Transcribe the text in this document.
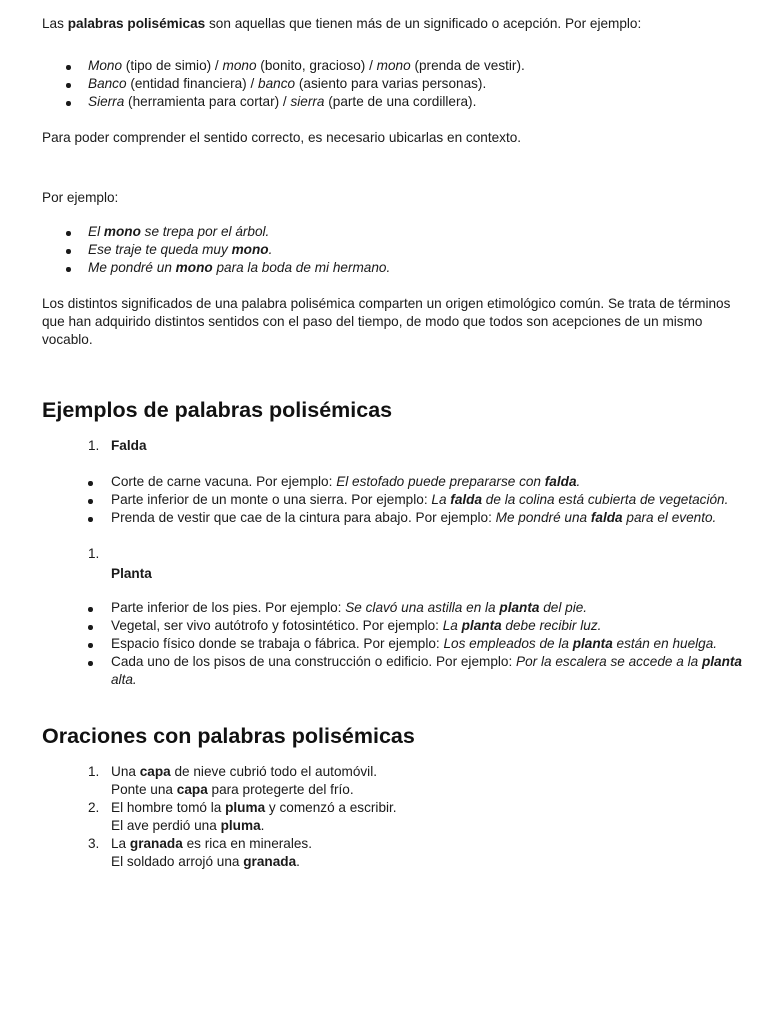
Las palabras polisémicas son aquellas que tienen más de un significado o acepción. Por ejemplo:

Mono (tipo de simio) / mono (bonito, gracioso) / mono (prenda de vestir).
Banco (entidad financiera) / banco (asiento para varias personas).
Sierra (herramienta para cortar) / sierra (parte de una cordillera).

Para poder comprender el sentido correcto, es necesario ubicarlas en contexto.

Por ejemplo:

El mono se trepa por el árbol.
Ese traje te queda muy mono.
Me pondré un mono para la boda de mi hermano.

Los distintos significados de una palabra polisémica comparten un origen etimológico común. Se trata de términos que han adquirido distintos sentidos con el paso del tiempo, de modo que todos son acepciones de un mismo vocablo.

Ejemplos de palabras polisémicas
1. Falda
Corte de carne vacuna. Por ejemplo: El estofado puede prepararse con falda.
Parte inferior de un monte o una sierra. Por ejemplo: La falda de la colina está cubierta de vegetación.
Prenda de vestir que cae de la cintura para abajo. Por ejemplo: Me pondré una falda para el evento.
1.

Planta
Parte inferior de los pies. Por ejemplo: Se clavó una astilla en la planta del pie.
Vegetal, ser vivo autótrofo y fotosintético. Por ejemplo: La planta debe recibir luz.
Espacio físico donde se trabaja o fábrica. Por ejemplo: Los empleados de la planta están en huelga.
Cada uno de los pisos de una construcción o edificio. Por ejemplo: Por la escalera se accede a la planta alta.
Oraciones con palabras polisémicas
1. Una capa de nieve cubrió todo el automóvil.
Ponte una capa para protegerte del frío.
2. El hombre tomó la pluma y comenzó a escribir.
El ave perdió una pluma.
3. La granada es rica en minerales.
El soldado arrojó una granada.
